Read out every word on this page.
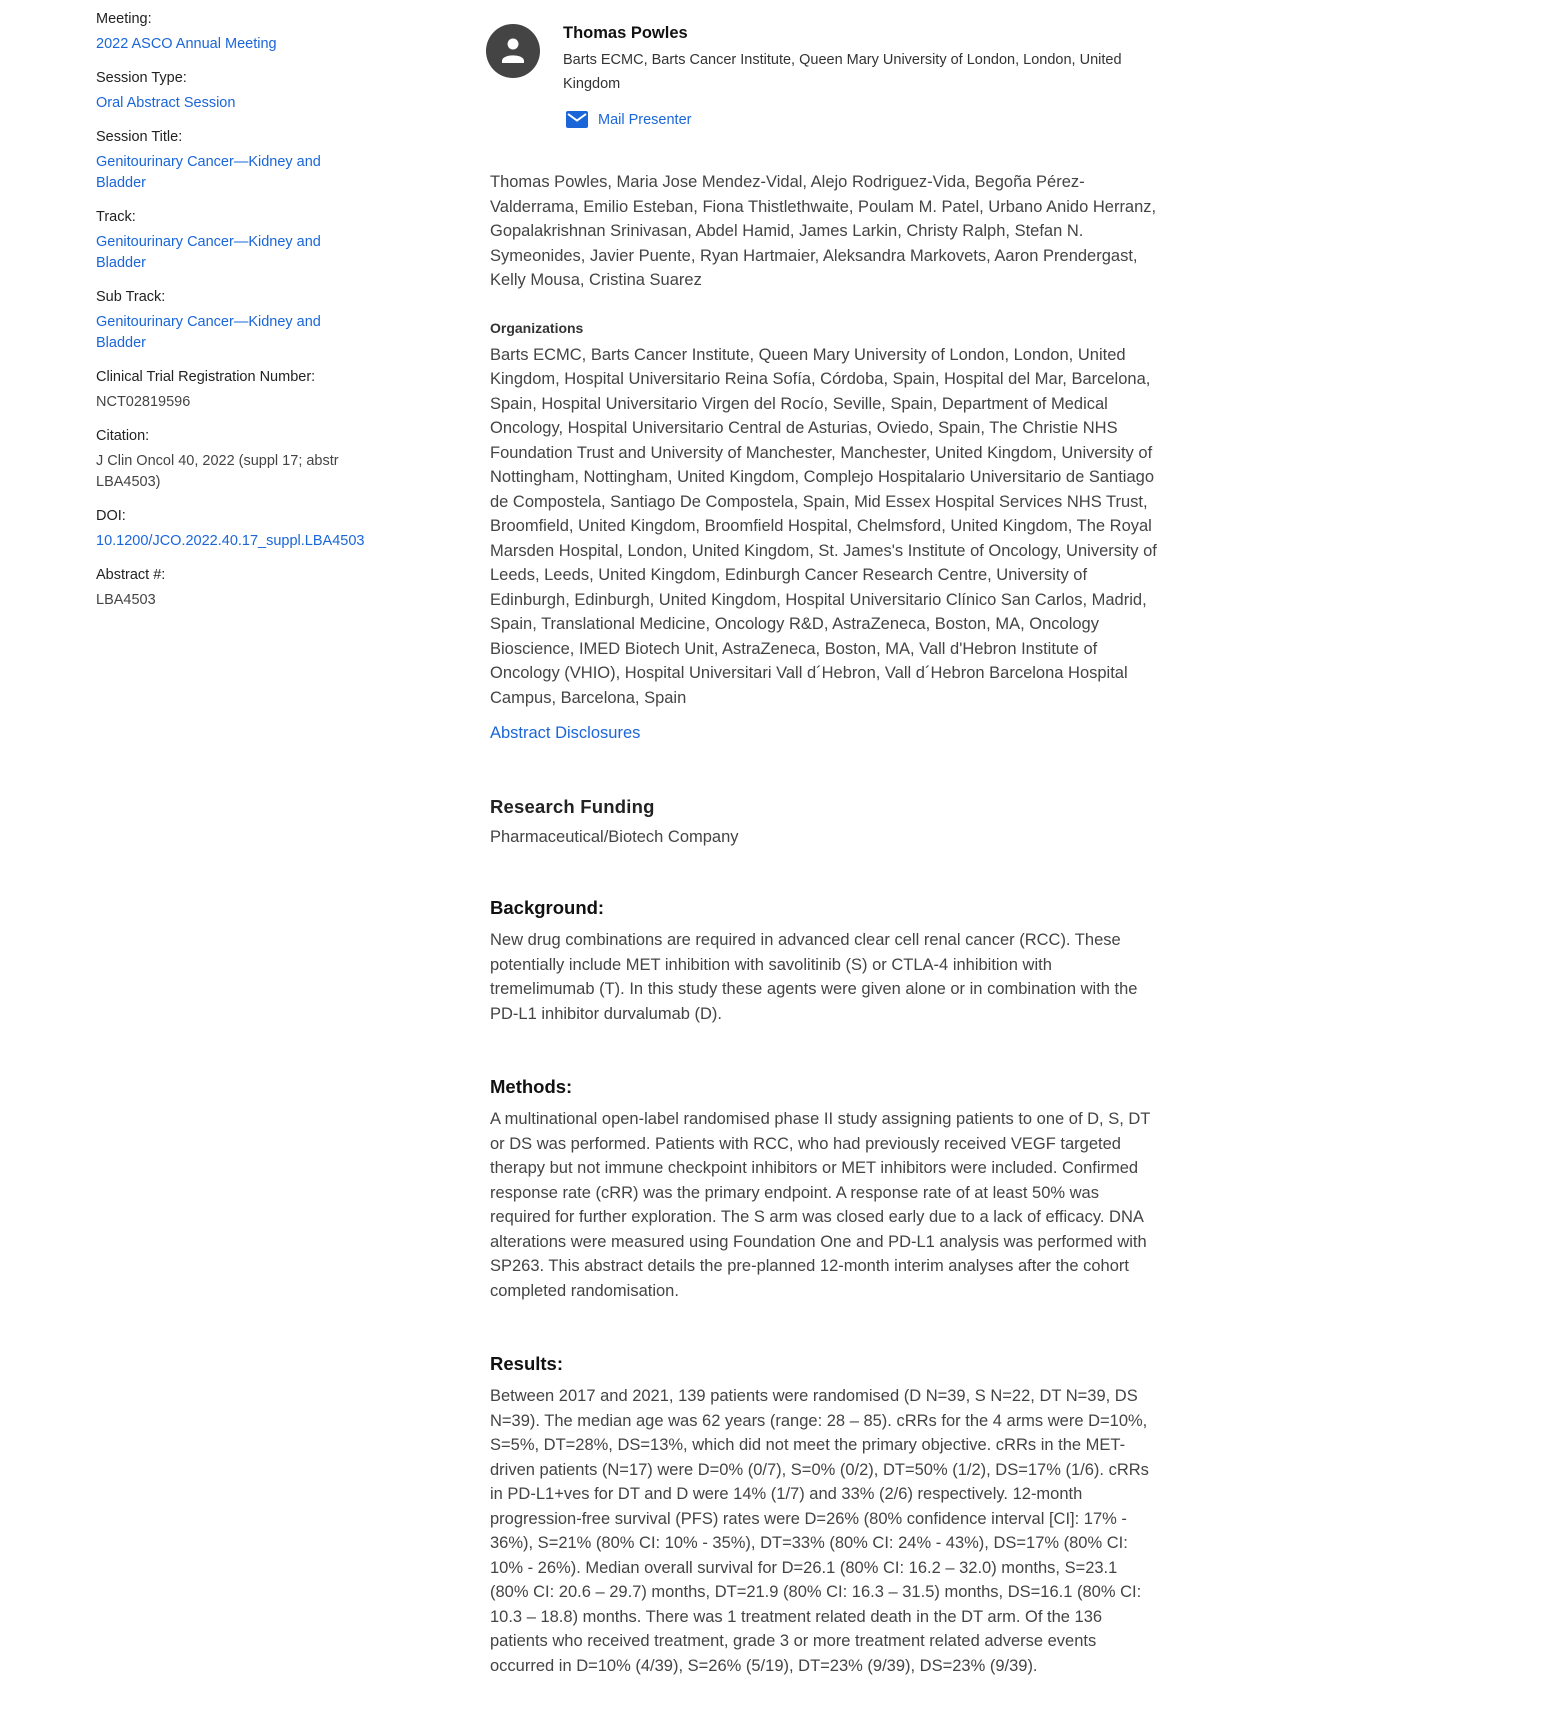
Meeting:
2022 ASCO Annual Meeting
Session Type:
Oral Abstract Session
Session Title:
Genitourinary Cancer—Kidney and Bladder
Track:
Genitourinary Cancer—Kidney and Bladder
Sub Track:
Genitourinary Cancer—Kidney and Bladder
Clinical Trial Registration Number:
NCT02819596
Citation:
J Clin Oncol 40, 2022 (suppl 17; abstr LBA4503)
DOI:
10.1200/JCO.2022.40.17_suppl.LBA4503
Abstract #:
LBA4503
Thomas Powles
Barts ECMC, Barts Cancer Institute, Queen Mary University of London, London, United Kingdom
Mail Presenter
Thomas Powles, Maria Jose Mendez-Vidal, Alejo Rodriguez-Vida, Begoña Pérez-Valderrama, Emilio Esteban, Fiona Thistlethwaite, Poulam M. Patel, Urbano Anido Herranz, Gopalakrishnan Srinivasan, Abdel Hamid, James Larkin, Christy Ralph, Stefan N. Symeonides, Javier Puente, Ryan Hartmaier, Aleksandra Markovets, Aaron Prendergast, Kelly Mousa, Cristina Suarez
Organizations
Barts ECMC, Barts Cancer Institute, Queen Mary University of London, London, United Kingdom, Hospital Universitario Reina Sofía, Córdoba, Spain, Hospital del Mar, Barcelona, Spain, Hospital Universitario Virgen del Rocío, Seville, Spain, Department of Medical Oncology, Hospital Universitario Central de Asturias, Oviedo, Spain, The Christie NHS Foundation Trust and University of Manchester, Manchester, United Kingdom, University of Nottingham, Nottingham, United Kingdom, Complejo Hospitalario Universitario de Santiago de Compostela, Santiago De Compostela, Spain, Mid Essex Hospital Services NHS Trust, Broomfield, United Kingdom, Broomfield Hospital, Chelmsford, United Kingdom, The Royal Marsden Hospital, London, United Kingdom, St. James's Institute of Oncology, University of Leeds, Leeds, United Kingdom, Edinburgh Cancer Research Centre, University of Edinburgh, Edinburgh, United Kingdom, Hospital Universitario Clínico San Carlos, Madrid, Spain, Translational Medicine, Oncology R&D, AstraZeneca, Boston, MA, Oncology Bioscience, IMED Biotech Unit, AstraZeneca, Boston, MA, Vall d'Hebron Institute of Oncology (VHIO), Hospital Universitari Vall d´Hebron, Vall d´Hebron Barcelona Hospital Campus, Barcelona, Spain
Abstract Disclosures
Research Funding
Pharmaceutical/Biotech Company
Background:
New drug combinations are required in advanced clear cell renal cancer (RCC). These potentially include MET inhibition with savolitinib (S) or CTLA-4 inhibition with tremelimumab (T). In this study these agents were given alone or in combination with the PD-L1 inhibitor durvalumab (D).
Methods:
A multinational open-label randomised phase II study assigning patients to one of D, S, DT or DS was performed. Patients with RCC, who had previously received VEGF targeted therapy but not immune checkpoint inhibitors or MET inhibitors were included. Confirmed response rate (cRR) was the primary endpoint. A response rate of at least 50% was required for further exploration. The S arm was closed early due to a lack of efficacy. DNA alterations were measured using Foundation One and PD-L1 analysis was performed with SP263. This abstract details the pre-planned 12-month interim analyses after the cohort completed randomisation.
Results:
Between 2017 and 2021, 139 patients were randomised (D N=39, S N=22, DT N=39, DS N=39). The median age was 62 years (range: 28 – 85). cRRs for the 4 arms were D=10%, S=5%, DT=28%, DS=13%, which did not meet the primary objective. cRRs in the MET-driven patients (N=17) were D=0% (0/7), S=0% (0/2), DT=50% (1/2), DS=17% (1/6). cRRs in PD-L1+ves for DT and D were 14% (1/7) and 33% (2/6) respectively. 12-month progression-free survival (PFS) rates were D=26% (80% confidence interval [CI]: 17% - 36%), S=21% (80% CI: 10% - 35%), DT=33% (80% CI: 24% - 43%), DS=17% (80% CI: 10% - 26%). Median overall survival for D=26.1 (80% CI: 16.2 – 32.0) months, S=23.1 (80% CI: 20.6 – 29.7) months, DT=21.9 (80% CI: 16.3 – 31.5) months, DS=16.1 (80% CI: 10.3 – 18.8) months. There was 1 treatment related death in the DT arm. Of the 136 patients who received treatment, grade 3 or more treatment related adverse events occurred in D=10% (4/39), S=26% (5/19), DT=23% (9/39), DS=23% (9/39).
